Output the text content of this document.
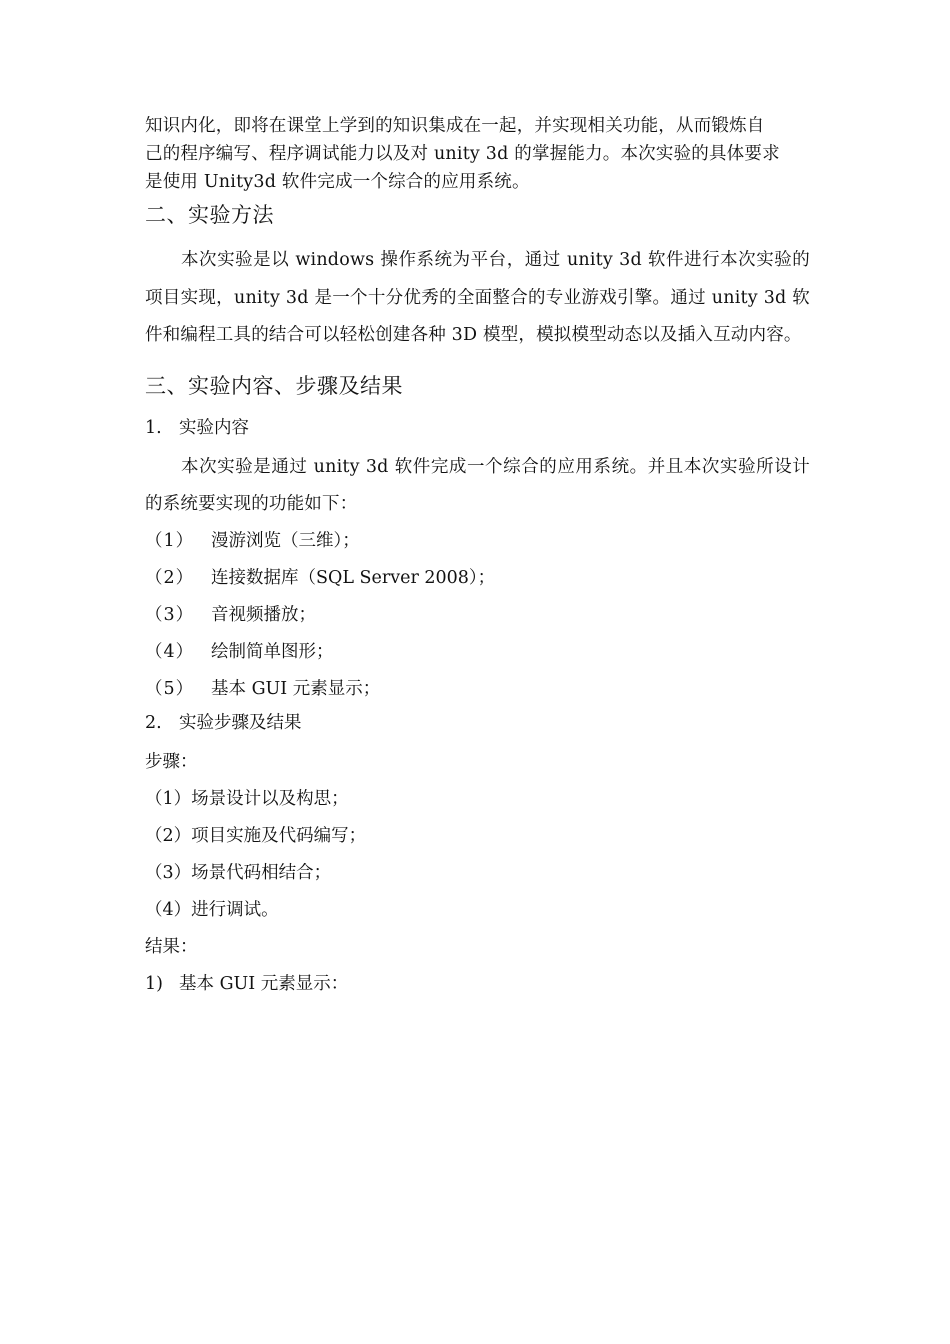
知识内化，即将在课堂上学到的知识集成在一起，并实现相关功能，从而锻炼自
己的程序编写、程序调试能力以及对 unity 3d 的掌握能力。本次实验的具体要求
是使用 Unity3d 软件完成一个综合的应用系统。

二、实验方法

本次实验是以 windows 操作系统为平台，通过 unity 3d 软件进行本次实验的项目实现，unity 3d 是一个十分优秀的全面整合的专业游戏引擎。通过 unity 3d 软件和编程工具的结合可以轻松创建各种 3D 模型，模拟模型动态以及插入互动内容。

三、实验内容、步骤及结果
1. 实验内容

本次实验是通过 unity 3d 软件完成一个综合的应用系统。并且本次实验所设计的系统要实现的功能如下：

（1） 漫游浏览（三维）；
（2） 连接数据库（SQL Server 2008）；
（3） 音视频播放；
（4） 绘制简单图形；
（5） 基本 GUI 元素显示；
2. 实验步骤及结果

步骤：

（1）场景设计以及构思；
（2）项目实施及代码编写；
（3）场景代码相结合；
（4）进行调试。

结果：

1) 基本 GUI 元素显示：
